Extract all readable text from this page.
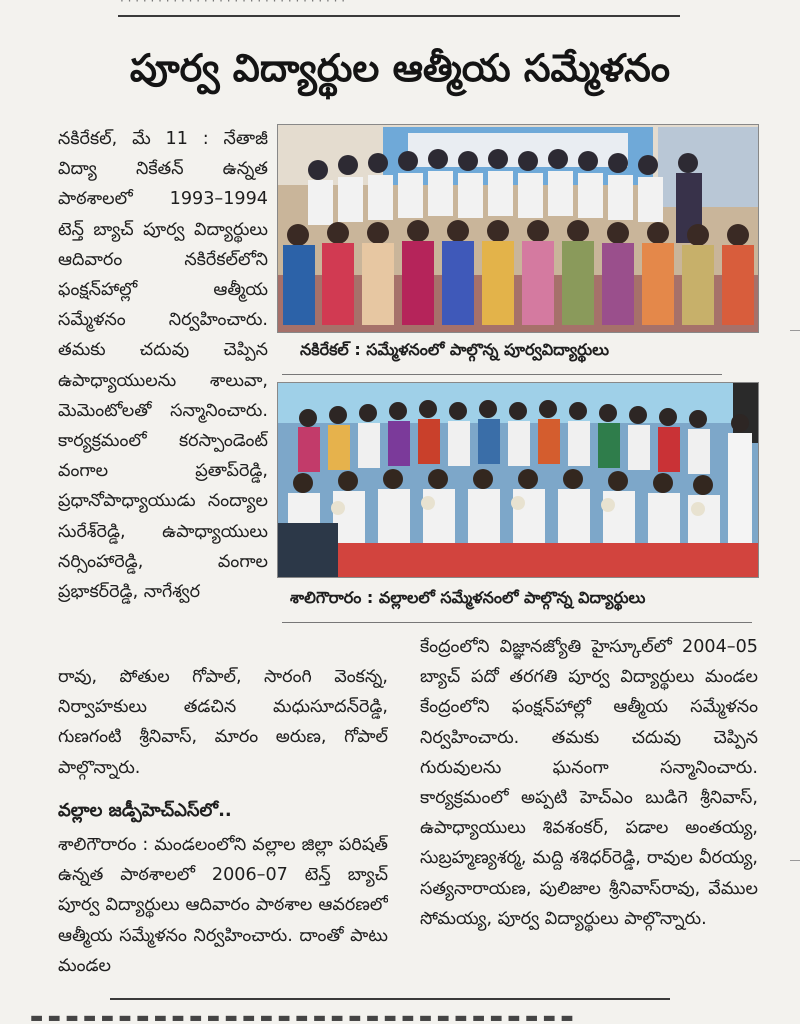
పూర్వ విద్యార్థుల ఆత్మీయ సమ్మేళనం

నకిరేకల్, మే 11 : నేతాజీ విద్యా నికేతన్ ఉన్నత పాఠశాలలో 1993–1994 టెన్త్ బ్యాచ్ పూర్వ విద్యార్థులు ఆదివారం నకిరేకల్‌లోని ఫంక్షన్‌హాల్లో ఆత్మీయ సమ్మేళనం నిర్వహించారు. తమకు చదువు చెప్పిన ఉపాధ్యాయులను శాలువా, మెమెంటోలతో సన్మానించారు. కార్యక్రమంలో కరస్పాండెంట్ వంగాల ప్రతాప్‌రెడ్డి, ప్రధానోపాధ్యాయుడు నంద్యాల సురేశ్‌రెడ్డి, ఉపాధ్యాయులు నర్సింహారెడ్డి, వంగాల ప్రభాకర్‌రెడ్డి, నాగేశ్వర

నకిరేకల్ : సమ్మేళనంలో పాల్గొన్న పూర్వవిద్యార్థులు
శాలిగౌరారం : వల్లాలలో సమ్మేళనంలో పాల్గొన్న విద్యార్థులు

రావు, పోతుల గోపాల్, సారంగి వెంకన్న, నిర్వాహకులు తడచిన మధుసూదన్‌రెడ్డి, గుణగంటి శ్రీనివాస్, మారం అరుణ, గోపాల్ పాల్గొన్నారు.

కేంద్రంలోని విజ్ఞానజ్యోతి హైస్కూల్‌లో 2004–05 బ్యాచ్ పదో తరగతి పూర్వ విద్యార్థులు మండల కేంద్రంలోని ఫంక్షన్‌హాల్లో ఆత్మీయ సమ్మేళనం నిర్వహించారు. తమకు చదువు చెప్పిన గురువులను ఘనంగా సన్మానించారు. కార్యక్రమంలో అప్పటి హెచ్‌ఎం బుడిగె శ్రీనివాస్, ఉపాధ్యాయులు శివశంకర్, పడాల అంతయ్య, సుబ్రహ్మణ్యశర్మ, మద్ది శశిధర్‌రెడ్డి, రావుల వీరయ్య, సత్యనారాయణ, పులిజాల శ్రీనివాస్‌రావు, వేముల సోమయ్య, పూర్వ విద్యార్థులు పాల్గొన్నారు.

వల్లాల జడ్పీహెచ్‌ఎస్‌లో..

శాలిగౌరారం : మండలంలోని వల్లాల జిల్లా పరిషత్ ఉన్నత పాఠశాలలో 2006–07 టెన్త్ బ్యాచ్ పూర్వ విద్యార్థులు ఆదివారం పాఠశాల ఆవరణలో ఆత్మీయ సమ్మేళనం నిర్వహించారు. దాంతో పాటు మండల

▬ ▬ ▬ ▬ ▬ ▬ ▬ ▬ ▬ ▬ ▬ ▬ ▬ ▬ ▬ ▬ ▬ ▬ ▬ ▬ ▬ ▬ ▬ ▬ ▬ ▬ ▬ ▬ ▬ ▬ ▬
